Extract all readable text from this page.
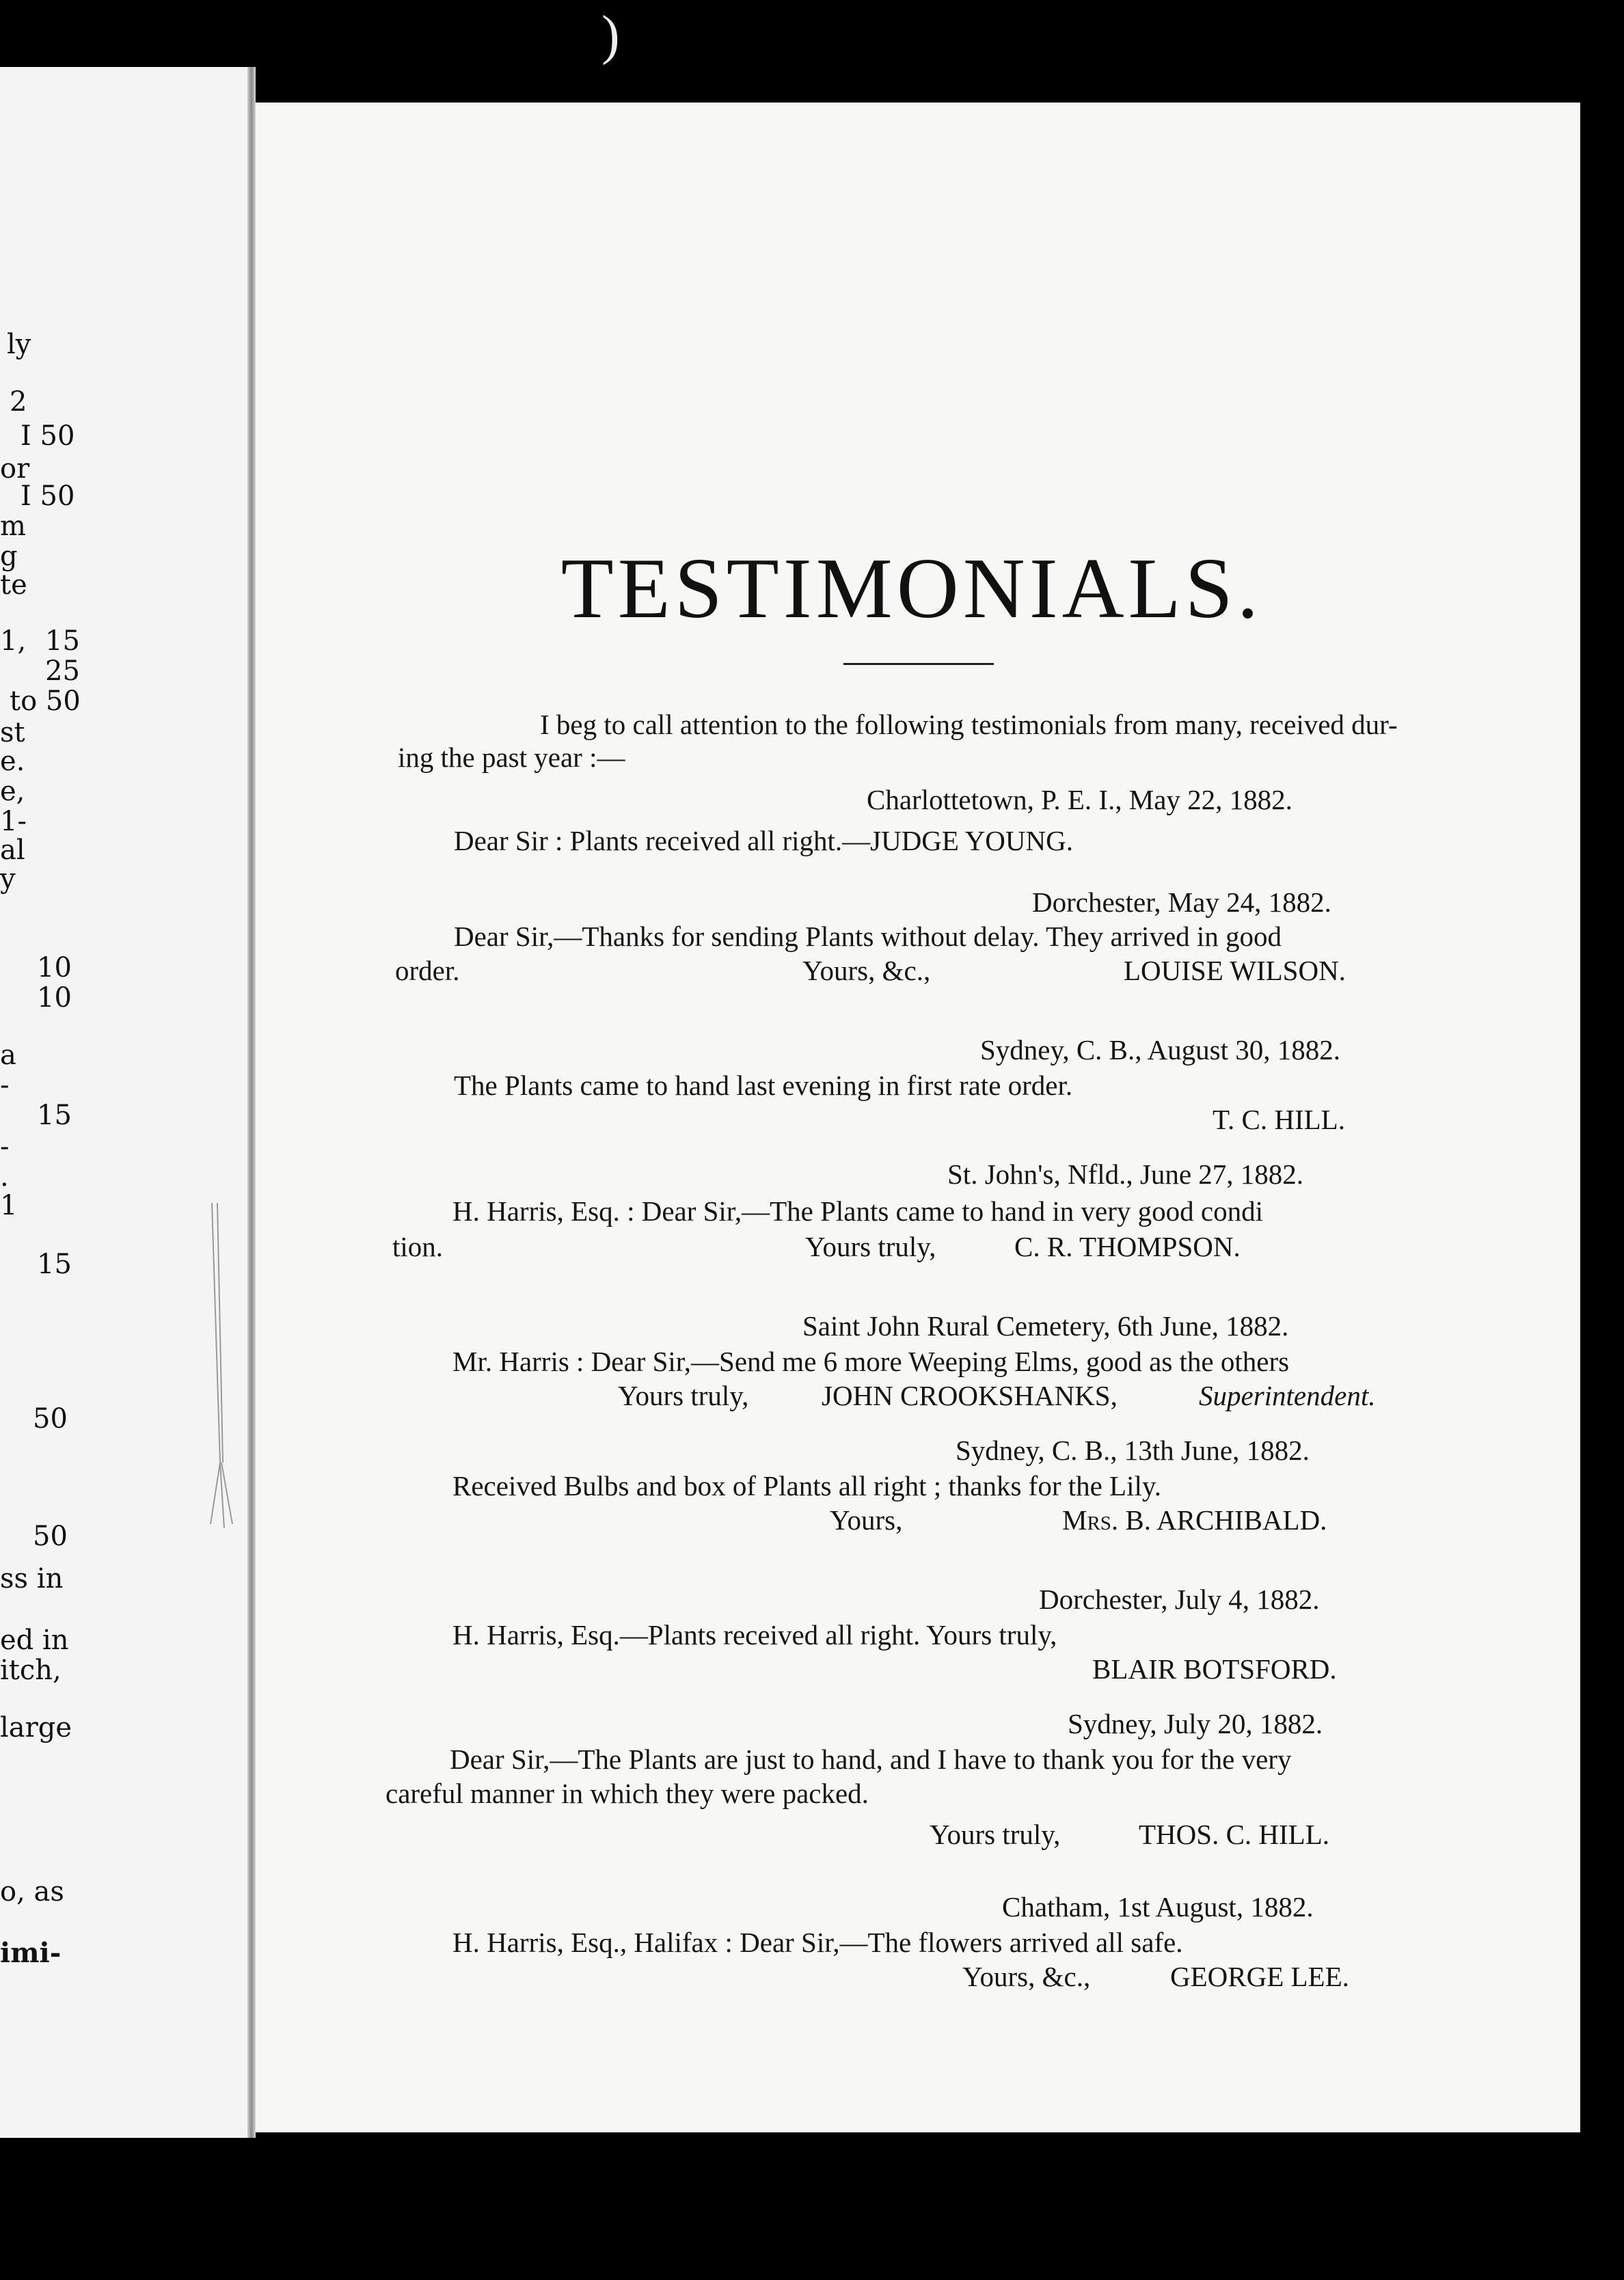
ly
2
I 50
or
I 50
m
g
te
1, 15
25
to 50
st
e.
e,
1-
al
y
10
10
a
-
15
-
.
1
15
50
50
ss in
ed in
itch,
large
o, as
imi-
)
TESTIMONIALS.
I beg to call attention to the following testimonials from many, received dur-
ing the past year :—
Charlottetown, P. E. I., May 22, 1882.
Dear Sir : Plants received all right.—JUDGE YOUNG.
Dorchester, May 24, 1882.
Dear Sir,—Thanks for sending Plants without delay. They arrived in good
order.	Yours, &c.,	LOUISE WILSON.
Sydney, C. B., August 30, 1882.
The Plants came to hand last evening in first rate order.
T. C. HILL.
St. John's, Nfld., June 27, 1882.
H. Harris, Esq. : Dear Sir,—The Plants came to hand in very good condi
tion.	Yours truly,	C. R. THOMPSON.
Saint John Rural Cemetery, 6th June, 1882.
Mr. Harris : Dear Sir,—Send me 6 more Weeping Elms, good as the others
Yours truly,	JOHN CROOKSHANKS,	Superintendent.
Sydney, C. B., 13th June, 1882.
Received Bulbs and box of Plants all right ; thanks for the Lily.
Yours,	Mrs. B. ARCHIBALD.
Dorchester, July 4, 1882.
H. Harris, Esq.—Plants received all right. Yours truly,
BLAIR BOTSFORD.
Sydney, July 20, 1882.
Dear Sir,—The Plants are just to hand, and I have to thank you for the very
careful manner in which they were packed.
Yours truly,	THOS. C. HILL.
Chatham, 1st August, 1882.
H. Harris, Esq., Halifax : Dear Sir,—The flowers arrived all safe.
Yours, &c.,	GEORGE LEE.
